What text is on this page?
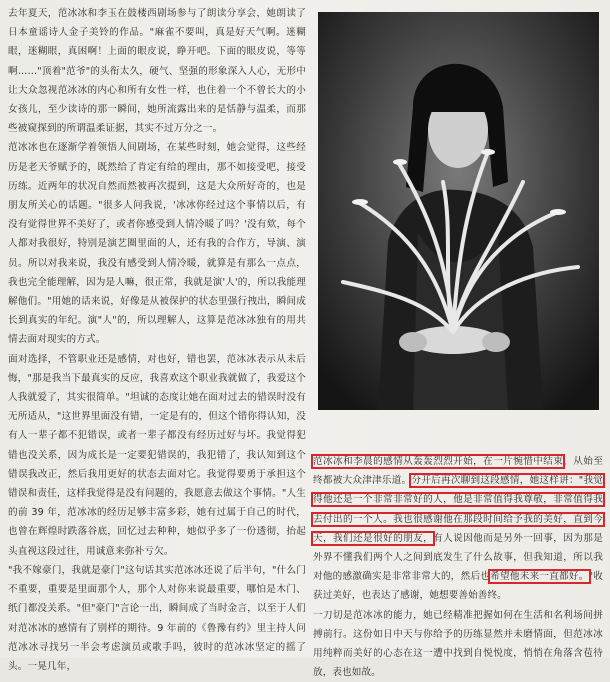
去年夏天，范冰冰和李玉在鼓楼西剧场参与了朗读分享会，她朗读了日本童谣诗人金子美铃的作品。"麻雀不要叫，真是好天气啊。迷糊眼，迷糊眼，真困啊！上面的眼皮说，睁开吧。下面的眼皮说，等等啊……"顶着"范爷"的头衔太久，硬气、坚强的形象深入人心，无形中让大众忽视范冰冰的内心和所有女性一样，也住着一个不曾长大的小女孩儿，至少读诗的那一瞬间，她所流露出来的是恬静与温柔，而那些被窥探到的所谓温柔证据，其实不过万分之一。

范冰冰也在逐渐学着领悟人间剧场，在某些时刻，她会觉得，这些经历是老天爷赋予的，既然给了肯定有给的理由，那不如接受吧，接受历练。近两年的状况自然而然被再次提到，这是大众所好奇的，也是朋友所关心的话题。"很多人问我说，'冰冰你经过这个事情以后，有没有觉得世界不美好了，或者你感受到人情冷暖了吗？'没有欸，每个人都对我很好，特别是演艺圈里面的人，还有我的合作方，导演、演员。所以对我来说，我没有感受到人情冷暖，就算是有那么一点点，我也完全能理解，因为是人嘛，很正常，我就是演'人'的，所以我能理解他们。"用她的话来说，好像是从被保护的状态里强行拽出，瞬间成长到真实的年纪。演"人"的，所以理解人，这算是范冰冰独有的用共情去面对现实的方式。

面对选择，不管职业还是感情，对也好，错也罢，范冰冰表示从未后悔，"那是我当下最真实的反应，我喜欢这个职业我就做了，我爱这个人我就爱了，其实很简单。"坦诚的态度让她在面对过去的错误时没有无所适从，"这世界里面没有错，一定是有的，但这个错你得认知，没有人一辈子都不犯错误，或者一辈子都没有经历过好与坏。我觉得犯错也没关系，因为成长是一定要犯错误的，我犯错了，我认知到这个错误我改正，然后我用更好的状态去面对它。我觉得要勇于承担这个错误和责任，这样我觉得是没有问题的，我愿意去做这个事情。"人生的前 39 年，范冰冰的经历足够丰富多彩，她有过属于自己的时代，也曾在辉煌时跌落谷底，回忆过去种种，她似乎多了一份透彻，抬起头直视这段过往，用诚意来弥补亏欠。

"我不嫁豪门，我就是豪门"这句话其实范冰冰还说了后半句，"什么门不重要，重要是里面那个人，那个人对你来说最重要，哪怕是木门、纸门都没关系。"但"豪门"言论一出，瞬间成了当时金言，以至于人们对范冰冰的感情有了别样的期待。9 年前的《鲁豫有约》里主持人问范冰冰寻找另一半会考虑演员或歌手吗，彼时的范冰冰坚定的摇了头。一晃几年，

范冰冰和李晨的感情从轰轰烈烈开始，在一片惋惜中结束，从始至终都被大众津津乐道。分开后再次聊到这段感情，她这样讲："我觉得他还是一个非常非常好的人，他是非常值得我尊敬，非常值得我去付出的一个人。我也很感谢他在那段时间给予我的美好，直到今天，我们还是很好的朋友，有人说因他而是另外一回事，因为那是外界不懂我们两个人之间到底发生了什么故事，但我知道，所以我对他的感激确实是非常非常大的，然后也希望他未来一直都好。"收获过美好，也表达了感谢，她想要善始善终。

一刀切是范冰冰的能力，她已经精准把握如何在生活和名利场间拼搏前行。这份如日中天与你给予的历练显然并未磨情面，但范冰冰用纯粹而美好的心态在这一遭中找到自悦悦度，悄悄在角落含苞待放，表也如故。
